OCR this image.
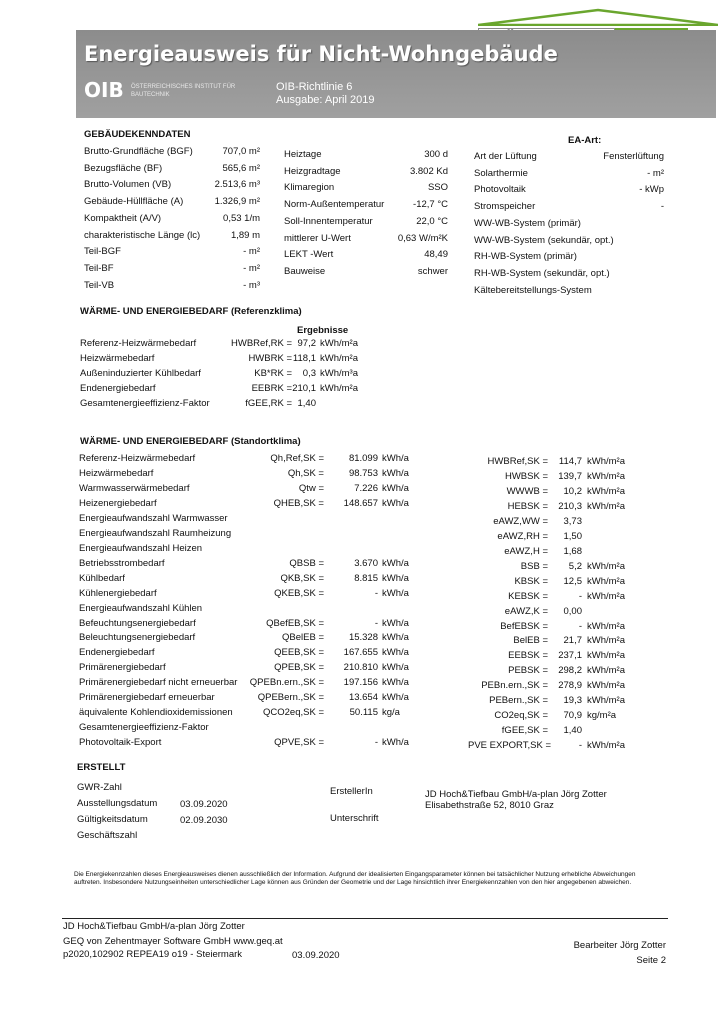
Energieausweis für Nicht-Wohngebäude
OIB ÖSTERREICHISCHES INSTITUT FÜR BAUTECHNIK
OIB-Richtlinie 6
Ausgabe: April 2019
GEBÄUDEKENNDATEN
EA-Art:
Brutto-Grundfläche (BGF)	707,0 m²
Bezugsfläche (BF)	565,6 m²
Brutto-Volumen (VB)	2.513,6 m³
Gebäude-Hüllfläche (A)	1.326,9 m²
Kompaktheit (A/V)	0,53 1/m
charakteristische Länge (lc)	1,89 m
Teil-BGF	- m²
Teil-BF	- m²
Teil-VB	- m³
Heiztage	300 d
Heizgradtage	3.802 Kd
Klimaregion	SSO
Norm-Außentemperatur	-12,7 °C
Soll-Innentemperatur	22,0 °C
mittlerer U-Wert	0,63 W/m²K
LEKT -Wert	48,49
Bauweise	schwer
Art der Lüftung	Fensterlüftung
Solarthermie	- m²
Photovoltaik	- kWp
Stromspeicher	-
WW-WB-System (primär)
WW-WB-System (sekundär, opt.)
RH-WB-System (primär)
RH-WB-System (sekundär, opt.)
Kältebereitstellungs-System
WÄRME- UND ENERGIEBEDARF (Referenzklima)
Ergebnisse
Referenz-Heizwärmebedarf	HWBRef,RK = 97,2 kWh/m²a
Heizwärmebedarf	HWBRK = 118,1 kWh/m²a
Außeninduzierter Kühlbedarf	KB*RK =	0,3 kWh/m³a
Endenergiebedarf	EEBRK = 210,1 kWh/m²a
Gesamtenergieeffizienz-Faktor	fGEE,RK = 1,40
WÄRME- UND ENERGIEBEDARF (Standortklima)
Referenz-Heizwärmebedarf	Qh,Ref,SK =	81.099 kWh/a	HWBRef,SK =	114,7 kWh/m²a
Heizwärmebedarf	Qh,SK =	98.753 kWh/a	HWBSK =	139,7 kWh/m²a
Warmwasserwärmebedarf	Qtw =	7.226 kWh/a	WWWB =	10,2 kWh/m²a
Heizenergiebedarf	QHEB,SK =	148.657 kWh/a	HEBSK =	210,3 kWh/m²a
Energieaufwandszahl Warmwasser	eAWZ,WW =	3,73
Energieaufwandszahl Raumheizung	eAWZ,RH =	1,50
Energieaufwandszahl Heizen	eAWZ,H =	1,68
Betriebsstrombedarf	QBSB =	3.670 kWh/a	BSB =	5,2 kWh/m²a
Kühlbedarf	QKB,SK =	8.815 kWh/a	KBSK =	12,5 kWh/m²a
Kühlenergiebedarf	QKEB,SK =	- kWh/a	KEBSK =	- kWh/m²a
Energieaufwandszahl Kühlen	eAWZ,K =	0,00
Befeuchtungsenergiebedarf	QBefEB,SK =	- kWh/a	BefEBSK =	- kWh/m²a
Beleuchtungsenergiebedarf	QBelEB =	15.328 kWh/a	BelEB =	21,7 kWh/m²a
Endenergiebedarf	QEEB,SK =	167.655 kWh/a	EEBSK =	237,1 kWh/m²a
Primärenergiebedarf	QPEB,SK =	210.810 kWh/a	PEBSK =	298,2 kWh/m²a
Primärenergiebedarf nicht erneuerbar	QPEBn.ern.,SK =	197.156 kWh/a	PEBn.ern.,SK =	278,9 kWh/m²a
Primärenergiebedarf erneuerbar	QPEBern.,SK =	13.654 kWh/a	PEBern.,SK =	19,3 kWh/m²a
äquivalente Kohlendioxidemissionen	QCO2eq,SK =	50.115 kg/a	CO2eq,SK =	70,9 kg/m²a
Gesamtenergieeffizienz-Faktor	fGEE,SK =	1,40
Photovoltaik-Export	QPVE,SK =	- kWh/a	PVE EXPORT,SK =	- kWh/m²a
ERSTELLT
GWR-Zahl
Ausstellungsdatum 03.09.2020
Gültigkeitsdatum	02.09.2030
Geschäftszahl
ErstellerIn	JD Hoch&Tiefbau GmbH/a-plan Jörg Zotter
Elisabethstraße 52, 8010 Graz
Unterschrift
Die Energiekennzahlen dieses Energieausweises dienen ausschließlich der Information. Aufgrund der idealisierten Eingangsparameter können bei tatsächlicher Nutzung erhebliche Abweichungen auftreten. Insbesondere Nutzungseinheiten unterschiedlicher Lage können aus Gründen der Geometrie und der Lage hinsichtlich ihrer Energiekennzahlen von den hier angegebenen abweichen.
JD Hoch&Tiefbau GmbH/a-plan Jörg Zotter
GEQ von Zehentmayer Software GmbH www.geq.at
p2020,102902 REPEA19 o19 - Steiermark	03.09.2020
Bearbeiter Jörg Zotter
Seite 2
